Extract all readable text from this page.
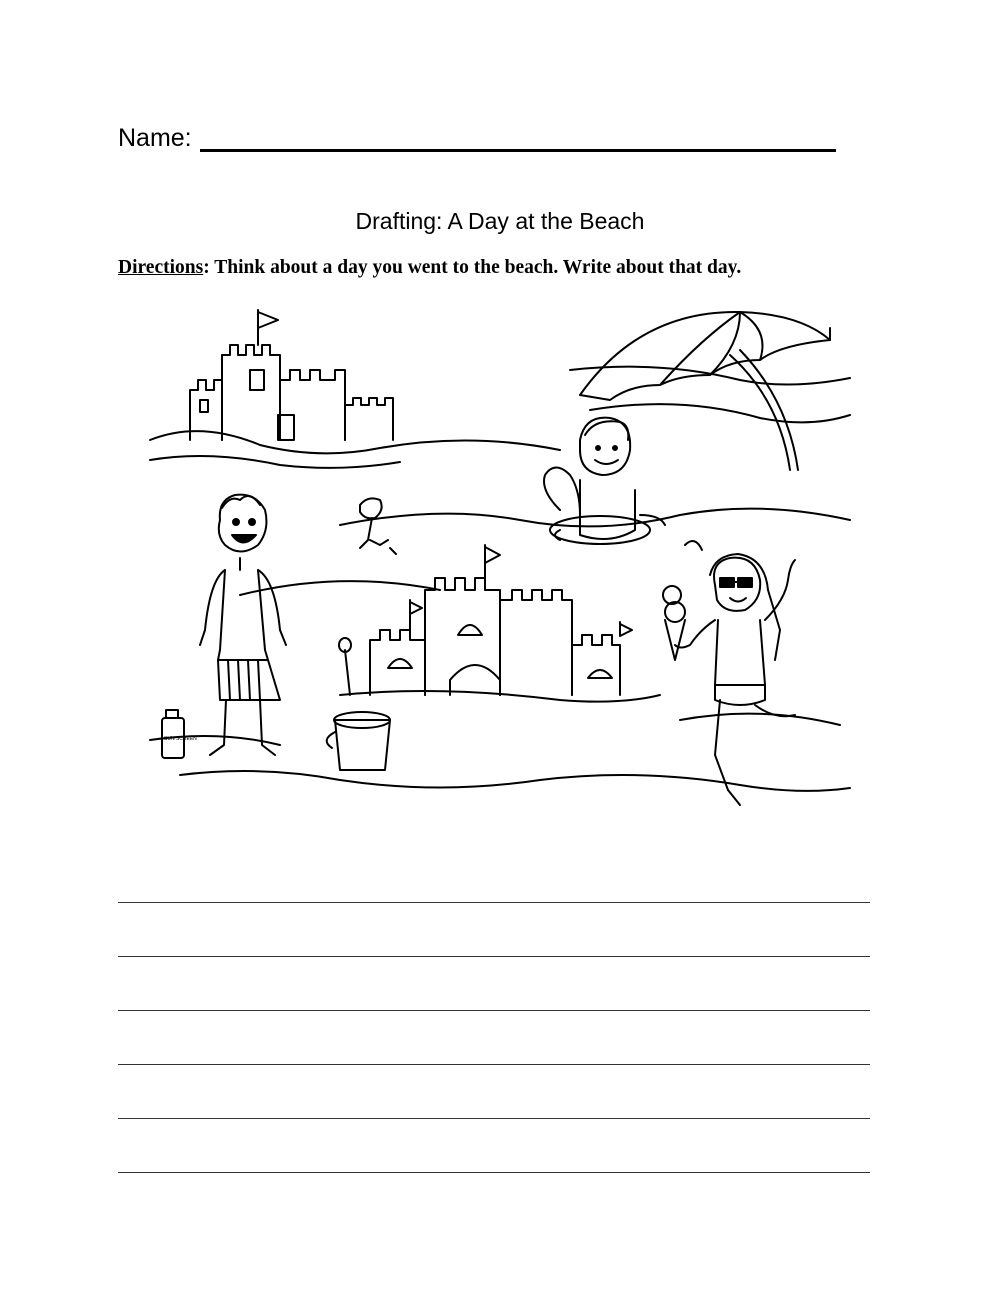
Name:
Drafting: A Day at the Beach
Directions: Think about a day you went to the beach. Write about that day.
SUN SCREEN
